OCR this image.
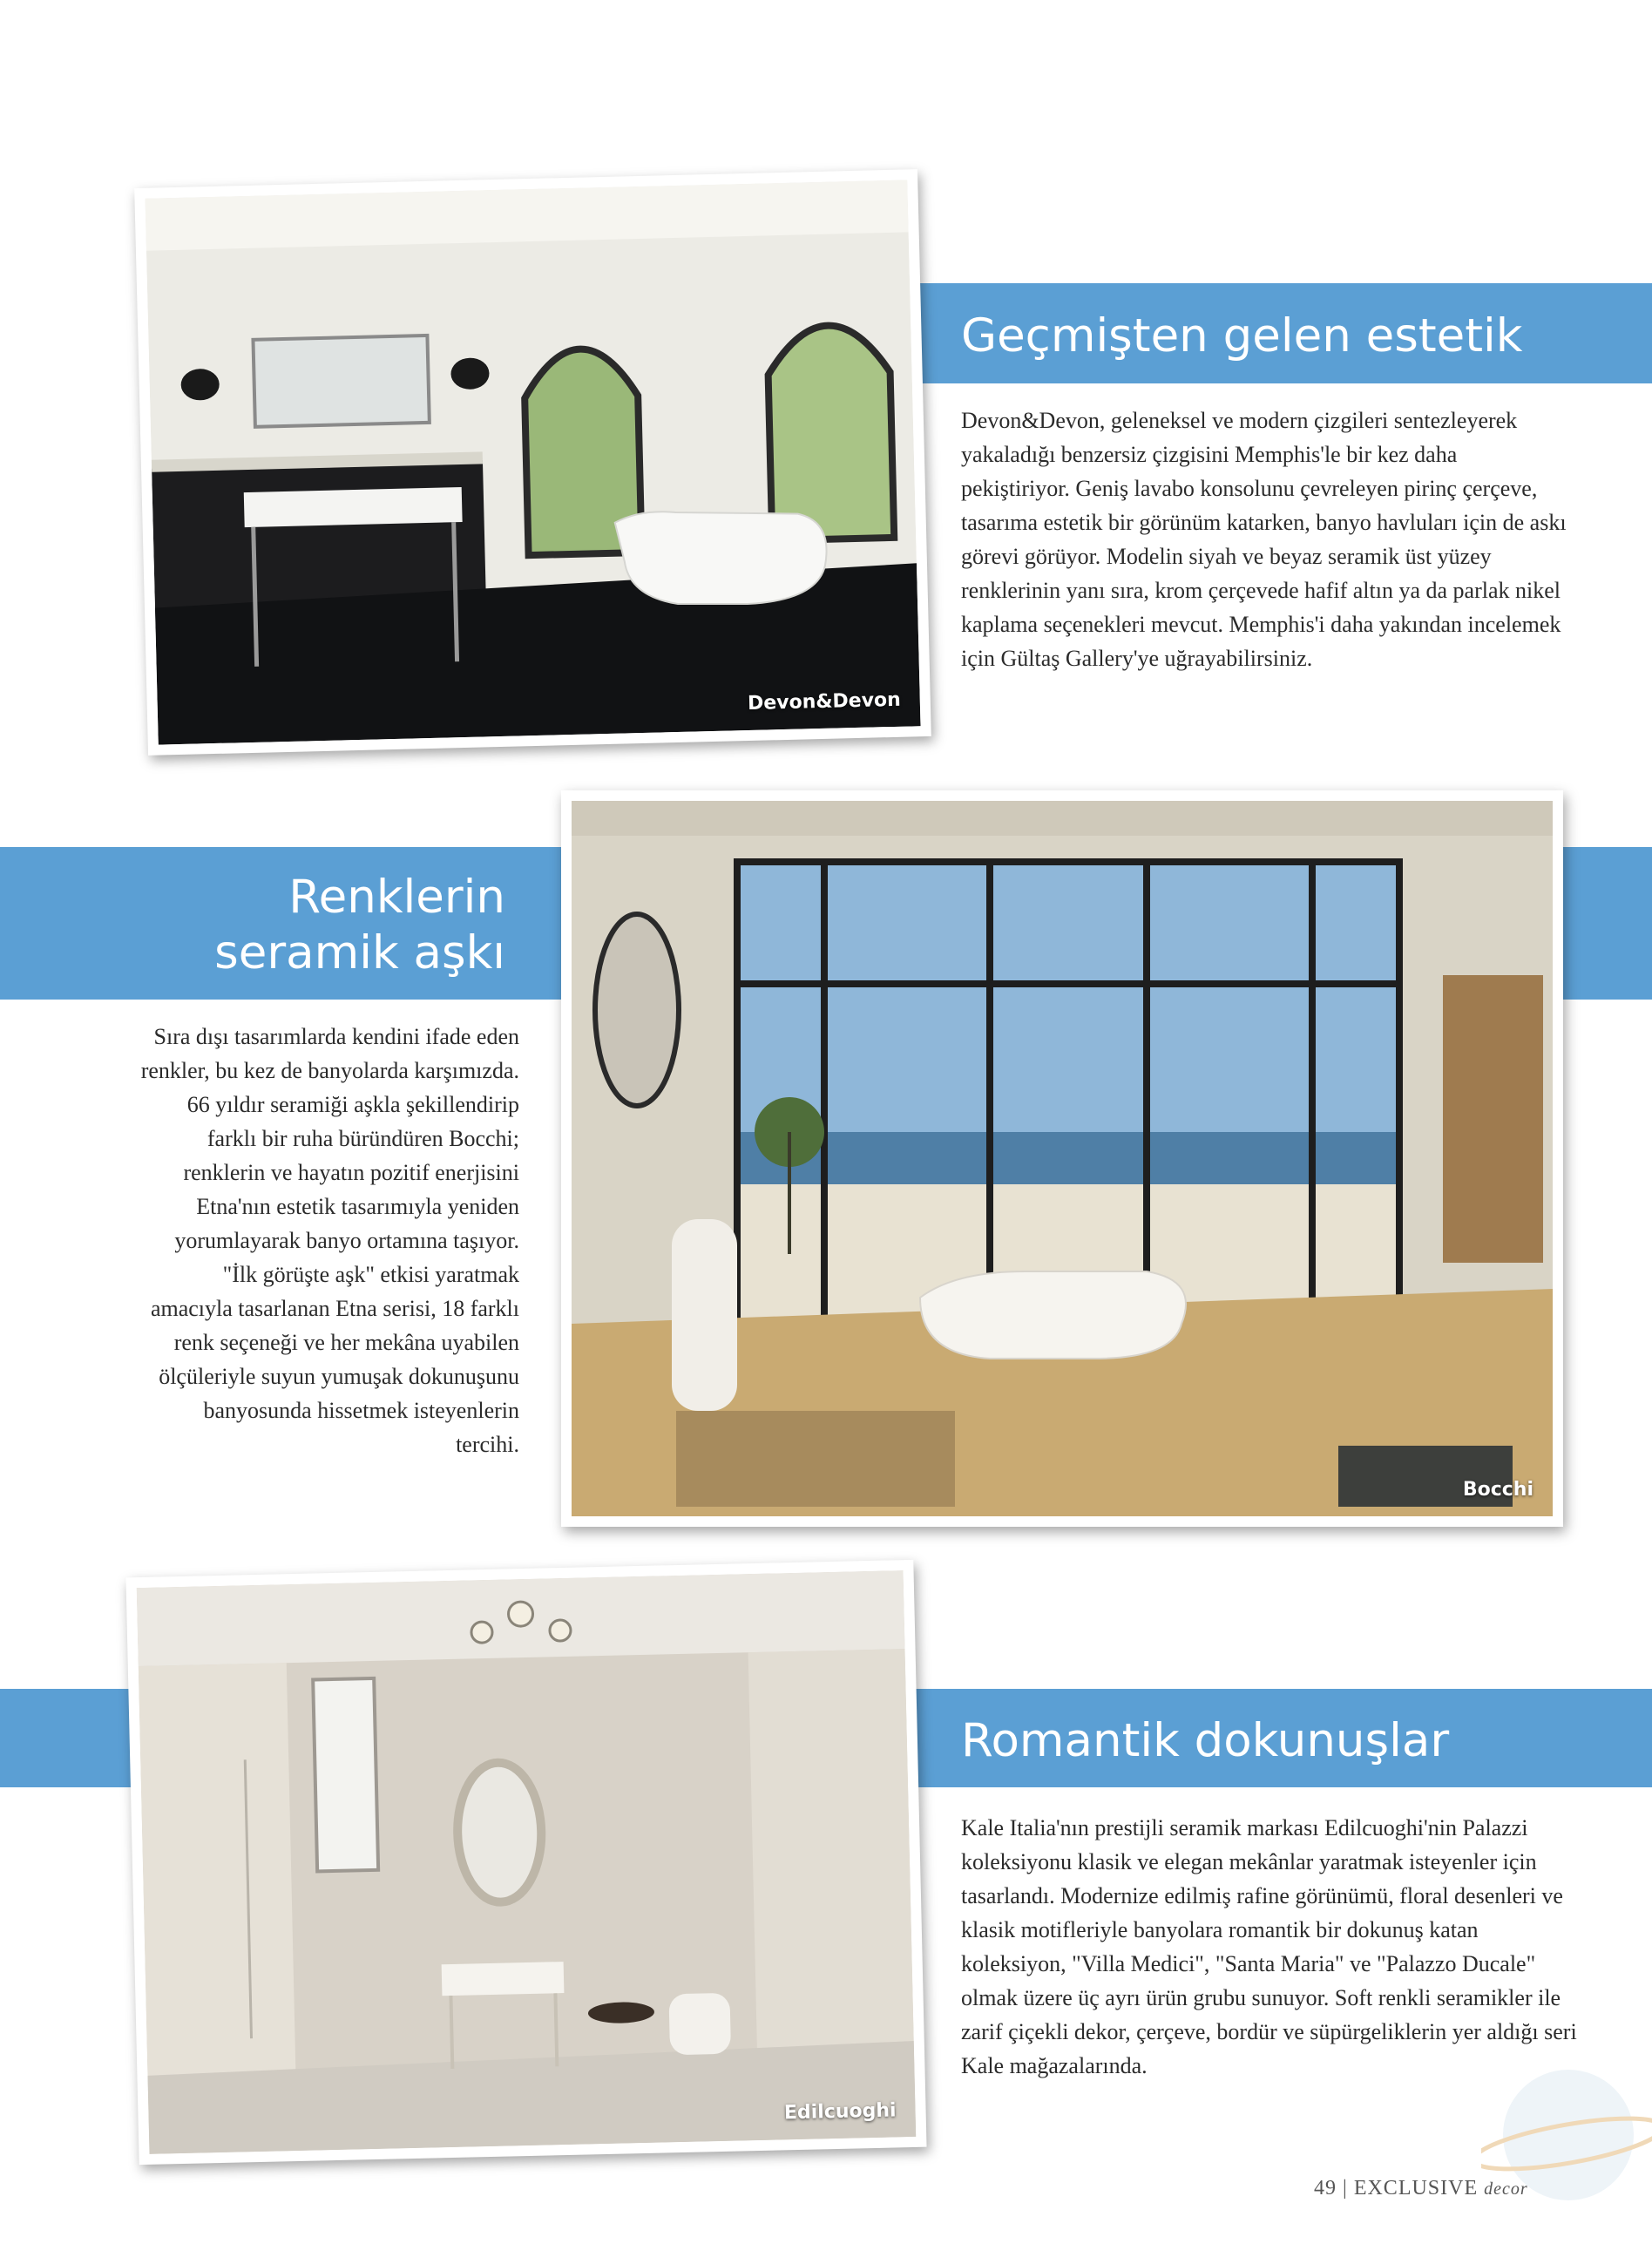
Geçmişten gelen estetik
Devon&Devon

Devon&Devon, geleneksel ve modern çizgileri sentezleyerek yakaladığı benzersiz çizgisini Memphis'le bir kez daha pekiştiriyor. Geniş lavabo konsolunu çevreleyen pirinç çerçeve, tasarıma estetik bir görünüm katarken, banyo havluları için de askı görevi görüyor. Modelin siyah ve beyaz seramik üst yüzey renklerinin yanı sıra, krom çerçevede hafif altın ya da parlak nikel kaplama seçenekleri mevcut. Memphis'i daha yakından incelemek için Gültaş Gallery'ye uğrayabilirsiniz.

Renklerin
seramik aşkı
Bocchi

Sıra dışı tasarımlarda kendini ifade eden renkler, bu kez de banyolarda karşımızda. 66 yıldır seramiği aşkla şekillendirip farklı bir ruha büründüren Bocchi; renklerin ve hayatın pozitif enerjisini Etna'nın estetik tasarımıyla yeniden yorumlayarak banyo ortamına taşıyor. "İlk görüşte aşk" etkisi yaratmak amacıyla tasarlanan Etna serisi, 18 farklı renk seçeneği ve her mekâna uyabilen ölçüleriyle suyun yumuşak dokunuşunu banyosunda hissetmek isteyenlerin tercihi.

Romantik dokunuşlar
Edilcuoghi

Kale Italia'nın prestijli seramik markası Edilcuoghi'nin Palazzi koleksiyonu klasik ve elegan mekânlar yaratmak isteyenler için tasarlandı. Modernize edilmiş rafine görünümü, floral desenleri ve klasik motifleriyle banyolara romantik bir dokunuş katan koleksiyon, "Villa Medici", "Santa Maria" ve "Palazzo Ducale" olmak üzere üç ayrı ürün grubu sunuyor. Soft renkli seramikler ile zarif çiçekli dekor, çerçeve, bordür ve süpürgeliklerin yer aldığı seri Kale mağazalarında.

49 | EXCLUSIVE decor
